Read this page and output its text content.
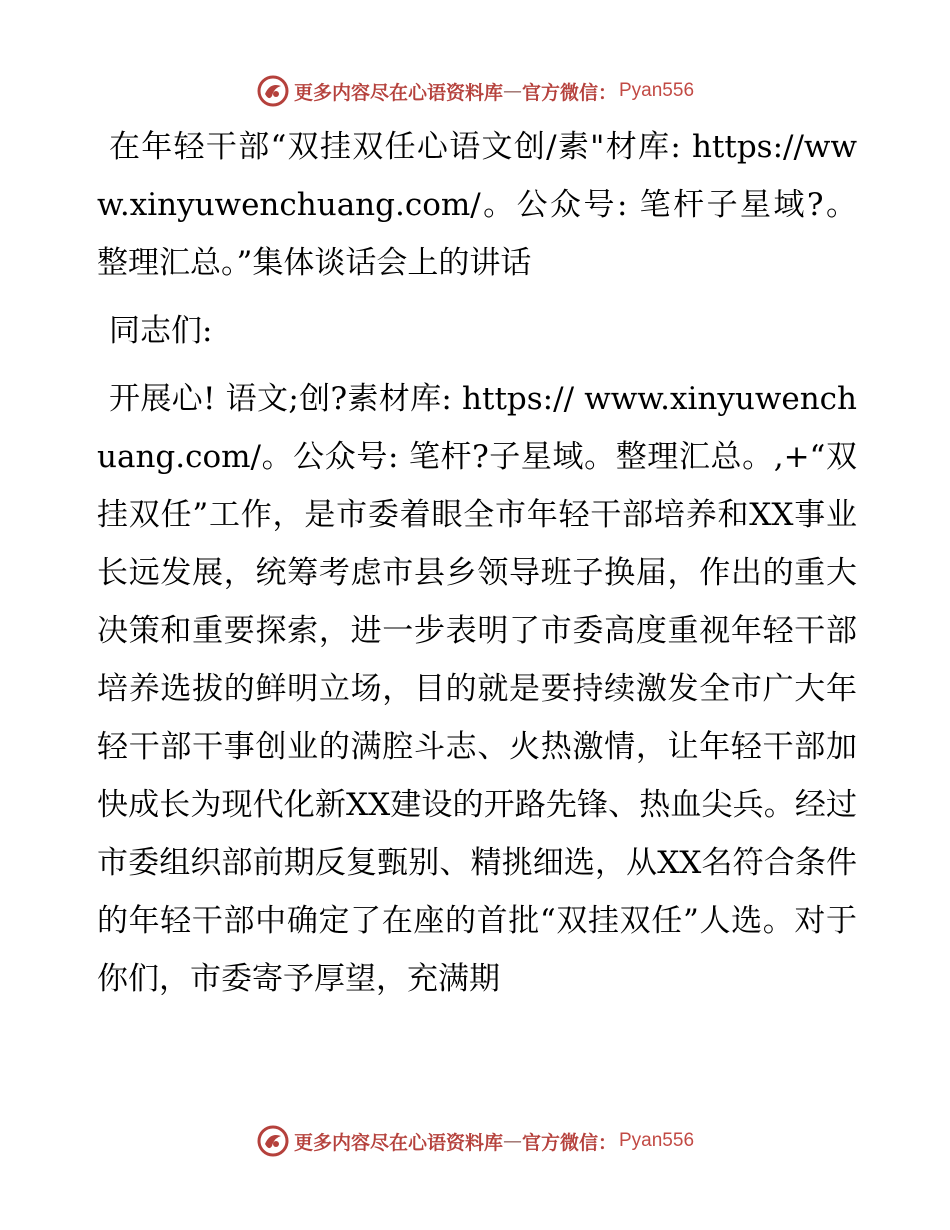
更多内容尽在心语资料库 — 官方微信： Pyan556

在年轻干部“双挂双任心语文创/素"材库: https://www.xinyuwenchuang.com/。公众号: 笔杆子星域?。整理汇总。”集体谈话会上的讲话

同志们:

开展心! 语文;创?素材库: https:// www.xinyuwenchuang.com/。公众号: 笔杆?子星域。整理汇总。,+“双挂双任”工作，是市委着眼全市年轻干部培养和XX事业长远发展，统筹考虑市县乡领导班子换届，作出的重大决策和重要探索，进一步表明了市委高度重视年轻干部培养选拔的鲜明立场，目的就是要持续激发全市广大年轻干部干事创业的满腔斗志、火热激情，让年轻干部加快成长为现代化新XX建设的开路先锋、热血尖兵。经过市委组织部前期反复甄别、精挑细选，从XX名符合条件的年轻干部中确定了在座的首批“双挂双任”人选。对于你们，市委寄予厚望，充满期

更多内容尽在心语资料库 — 官方微信： Pyan556
